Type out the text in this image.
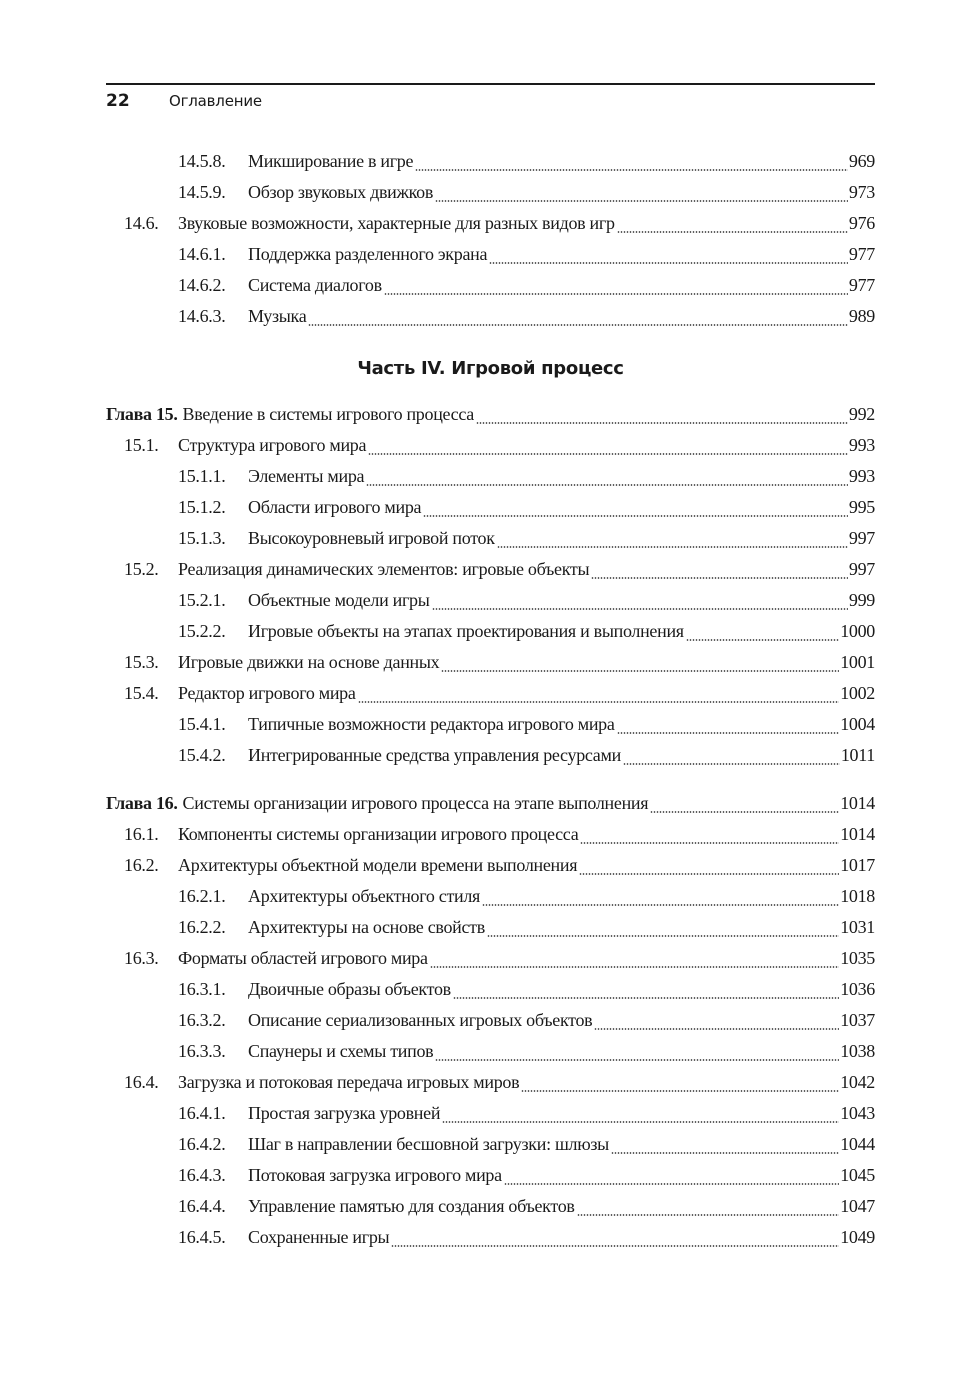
22	Оглавление
14.5.8.	Микширование в игре	969
14.5.9.	Обзор звуковых движков	973
14.6.	Звуковые возможности, характерные для разных видов игр	976
14.6.1.	Поддержка разделенного экрана	977
14.6.2.	Система диалогов	977
14.6.3.	Музыка	989
Часть IV. Игровой процесс
Глава 15. Введение в системы игрового процесса	992
15.1.	Структура игрового мира	993
15.1.1.	Элементы мира	993
15.1.2.	Области игрового мира	995
15.1.3.	Высокоуровневый игровой поток	997
15.2.	Реализация динамических элементов: игровые объекты	997
15.2.1.	Объектные модели игры	999
15.2.2.	Игровые объекты на этапах проектирования и выполнения	1000
15.3.	Игровые движки на основе данных	1001
15.4.	Редактор игрового мира	1002
15.4.1.	Типичные возможности редактора игрового мира	1004
15.4.2.	Интегрированные средства управления ресурсами	1011
Глава 16. Системы организации игрового процесса на этапе выполнения	1014
16.1.	Компоненты системы организации игрового процесса	1014
16.2.	Архитектуры объектной модели времени выполнения	1017
16.2.1.	Архитектуры объектного стиля	1018
16.2.2.	Архитектуры на основе свойств	1031
16.3.	Форматы областей игрового мира	1035
16.3.1.	Двоичные образы объектов	1036
16.3.2.	Описание сериализованных игровых объектов	1037
16.3.3.	Спаунеры и схемы типов	1038
16.4.	Загрузка и потоковая передача игровых миров	1042
16.4.1.	Простая загрузка уровней	1043
16.4.2.	Шаг в направлении бесшовной загрузки: шлюзы	1044
16.4.3.	Потоковая загрузка игрового мира	1045
16.4.4.	Управление памятью для создания объектов	1047
16.4.5.	Сохраненные игры	1049
